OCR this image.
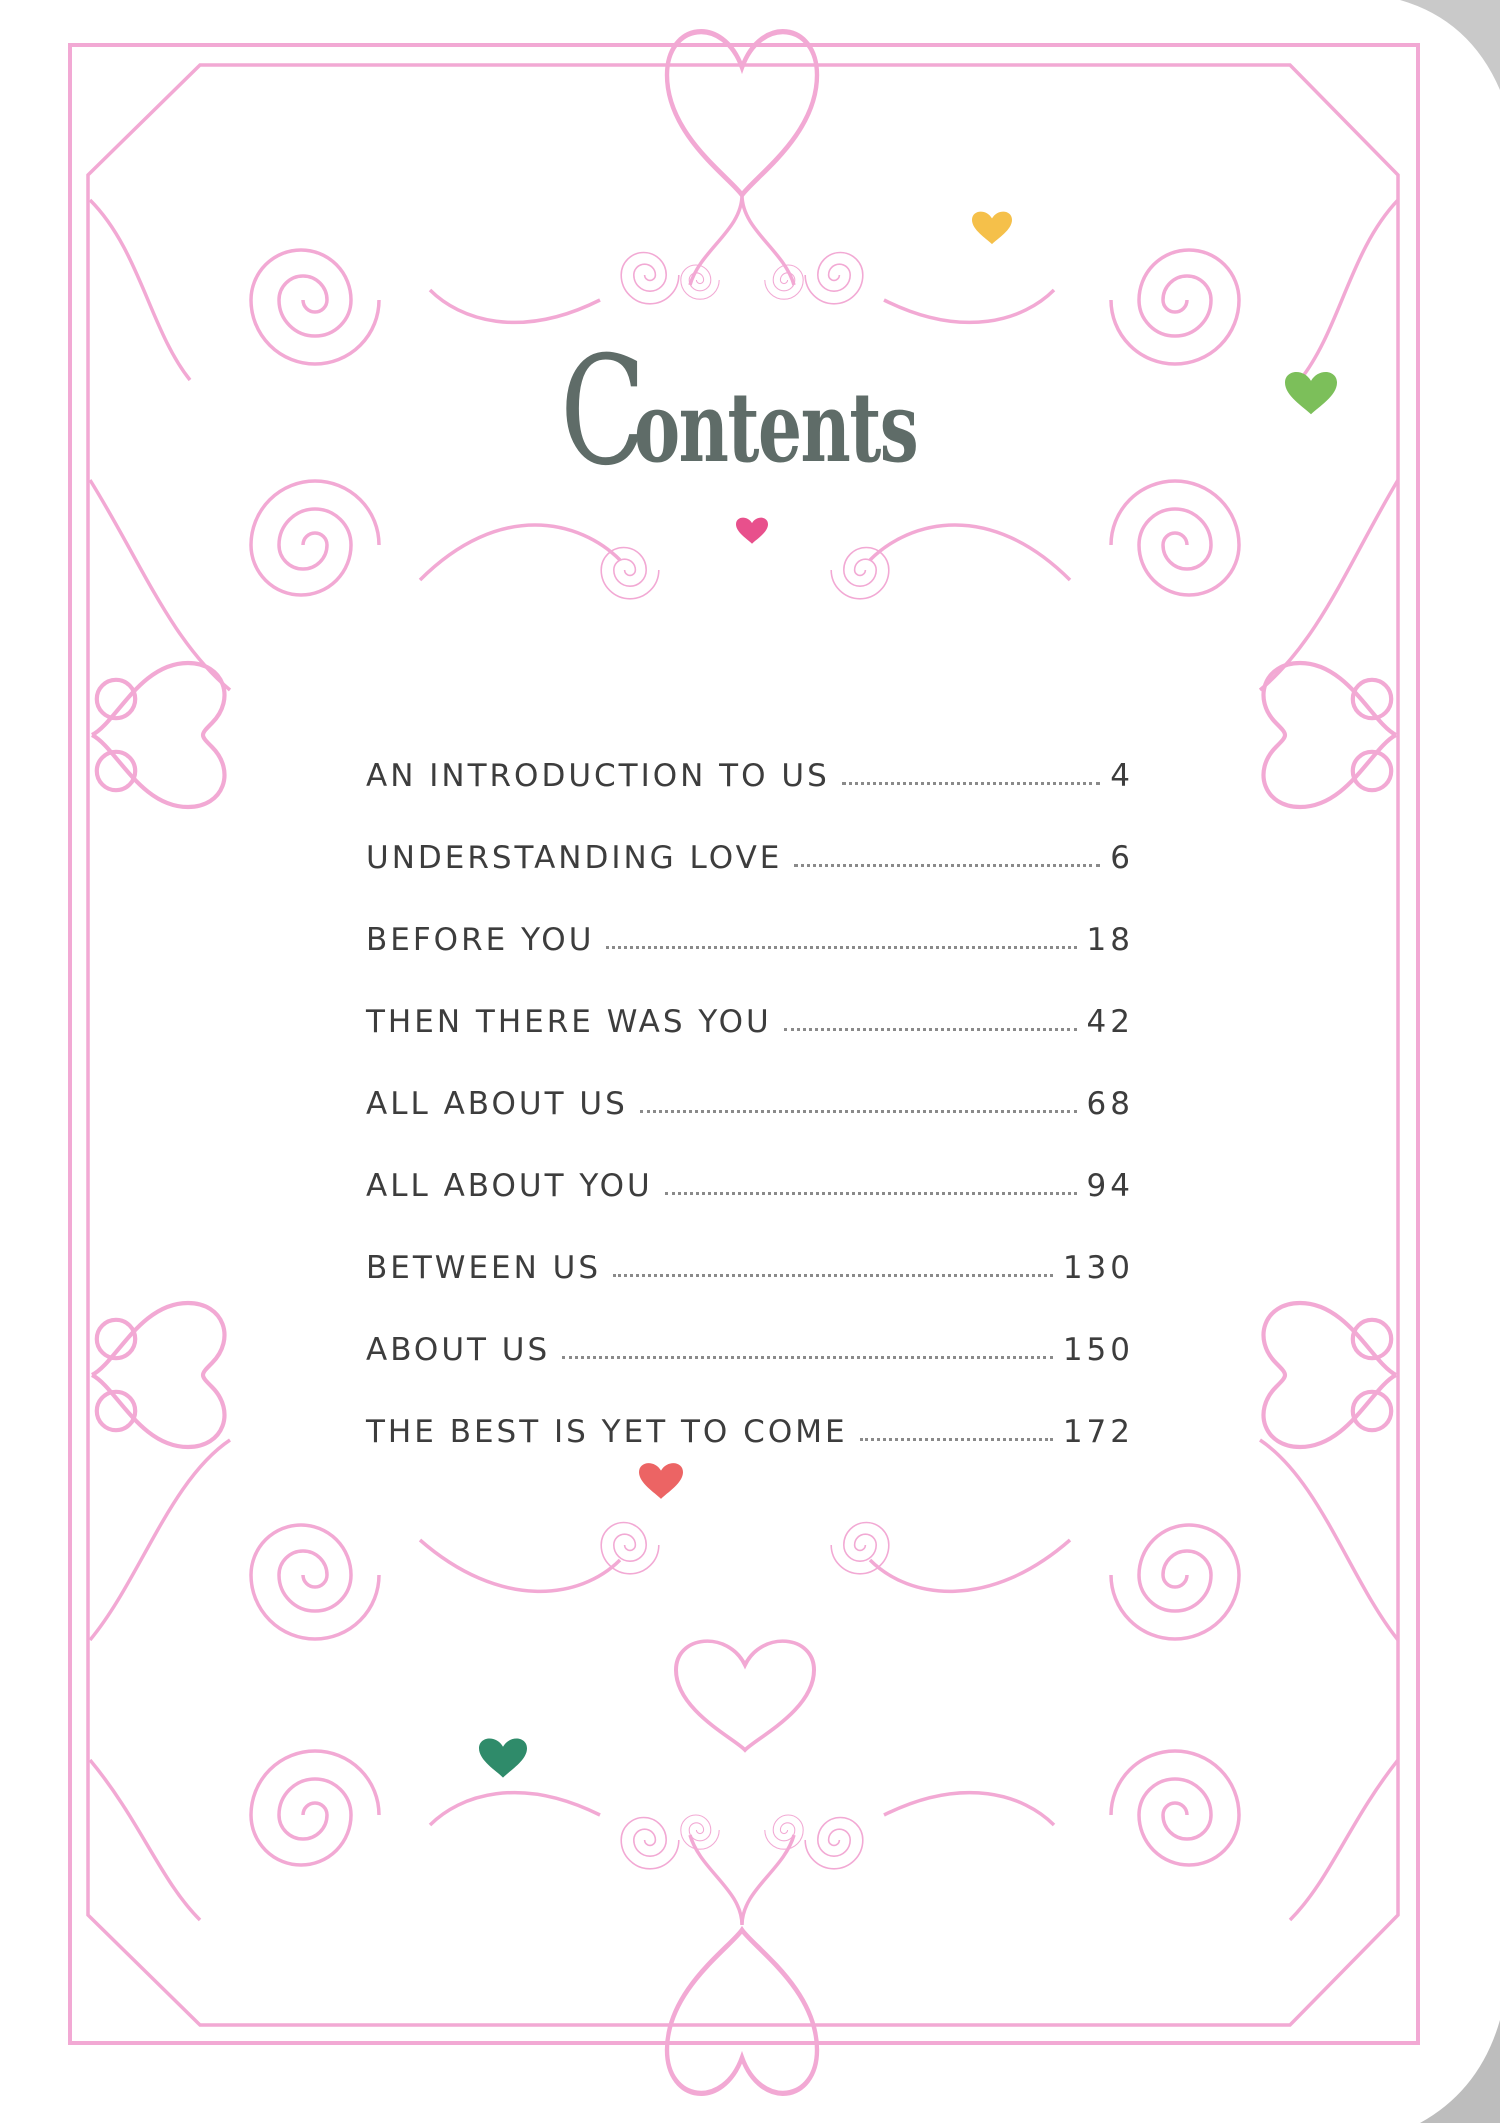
C
ontents
AN INTRODUCTION TO US	4
UNDERSTANDING LOVE	6
BEFORE YOU	18
THEN THERE WAS YOU	42
ALL ABOUT US	68
ALL ABOUT YOU	94
BETWEEN US	130
ABOUT US	150
THE BEST IS YET TO COME	172
